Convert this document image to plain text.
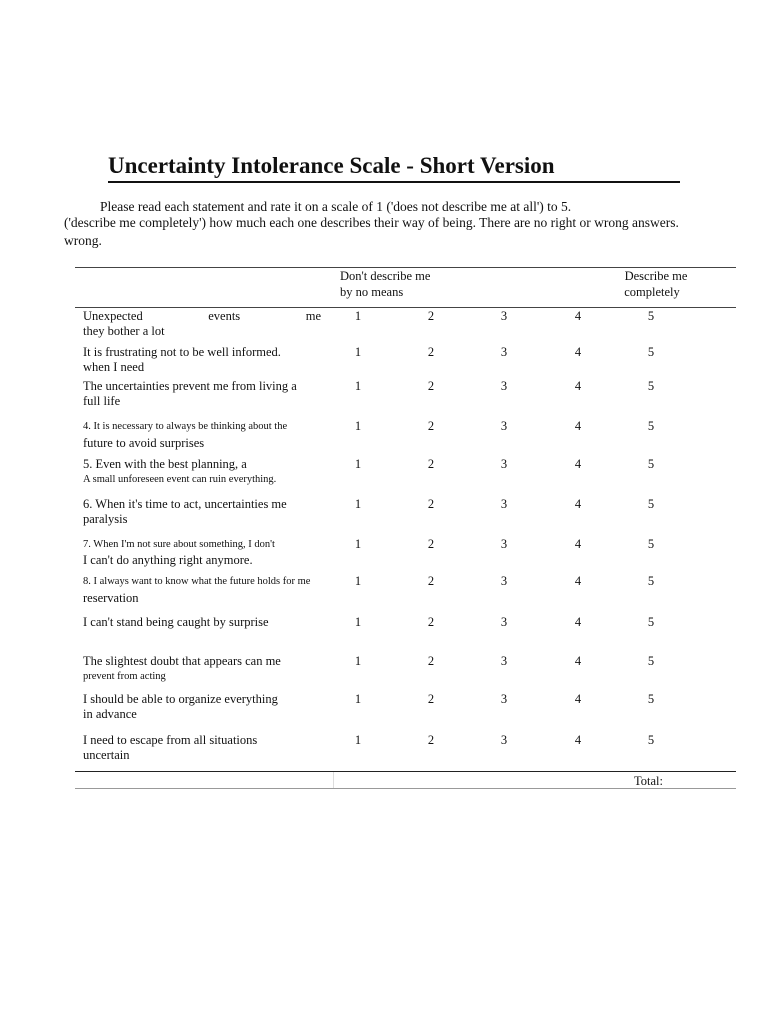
Uncertainty Intolerance Scale - Short Version
Please read each statement and rate it on a scale of 1 ('does not describe me at all') to 5.
('describe me completely') how much each one describes their way of being. There are no right or wrong answers.
wrong.
Don't describe me
by no means
Describe me
completely
Unexpected events me
they bother a lot
1	2	3	4	5
It is frustrating not to be well informed.
when I need
1	2	3	4	5
The uncertainties prevent me from living a
full life
1	2	3	4	5
4. It is necessary to always be thinking about the
future to avoid surprises
1	2	3	4	5
5. Even with the best planning, a
A small unforeseen event can ruin everything.
1	2	3	4	5
6. When it's time to act, uncertainties me
paralysis
1	2	3	4	5
7. When I'm not sure about something, I don't
I can't do anything right anymore.
1	2	3	4	5
8. I always want to know what the future holds for me
reservation
1	2	3	4	5
I can't stand being caught by surprise	1	2	3	4	5
The slightest doubt that appears can me
prevent from acting
1	2	3	4	5
I should be able to organize everything
in advance
1	2	3	4	5
I need to escape from all situations
uncertain
1	2	3	4	5
Total:
